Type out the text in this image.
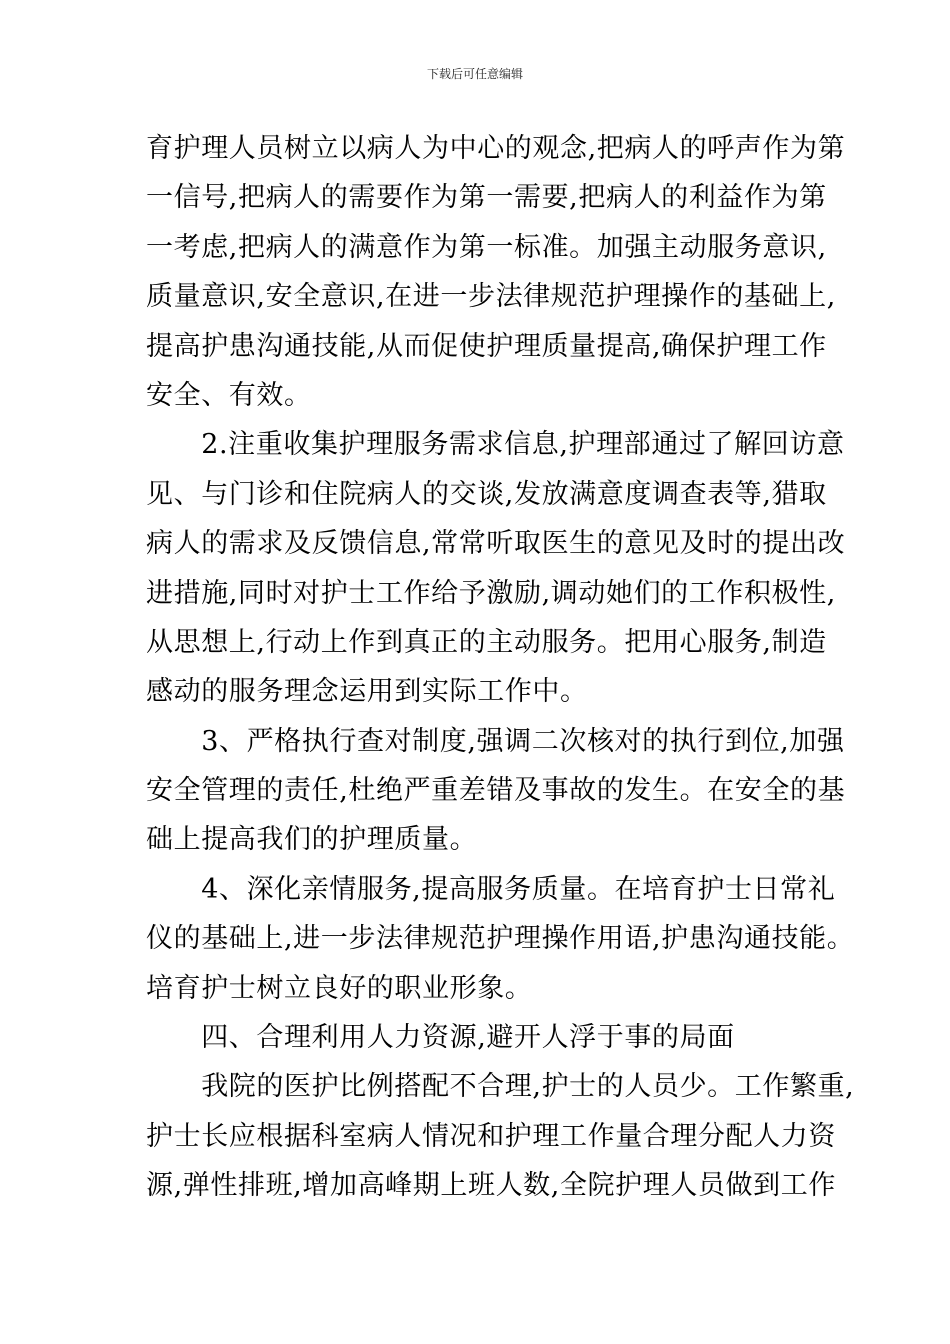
下载后可任意编辑
育护理人员树立以病人为中心的观念,把病人的呼声作为第
一信号,把病人的需要作为第一需要,把病人的利益作为第
一考虑,把病人的满意作为第一标准。加强主动服务意识,
质量意识,安全意识,在进一步法律规范护理操作的基础上,
提高护患沟通技能,从而促使护理质量提高,确保护理工作
安全、有效。
　　2.注重收集护理服务需求信息,护理部通过了解回访意
见、与门诊和住院病人的交谈,发放满意度调查表等,猎取
病人的需求及反馈信息,常常听取医生的意见及时的提出改
进措施,同时对护士工作给予激励,调动她们的工作积极性,
从思想上,行动上作到真正的主动服务。把用心服务,制造
感动的服务理念运用到实际工作中。
　　3、严格执行查对制度,强调二次核对的执行到位,加强
安全管理的责任,杜绝严重差错及事故的发生。在安全的基
础上提高我们的护理质量。
　　4、深化亲情服务,提高服务质量。在培育护士日常礼
仪的基础上,进一步法律规范护理操作用语,护患沟通技能。
培育护士树立良好的职业形象。
　　四、合理利用人力资源,避开人浮于事的局面
　　我院的医护比例搭配不合理,护士的人员少。工作繁重,
护士长应根据科室病人情况和护理工作量合理分配人力资
源,弹性排班,增加高峰期上班人数,全院护理人员做到工作
